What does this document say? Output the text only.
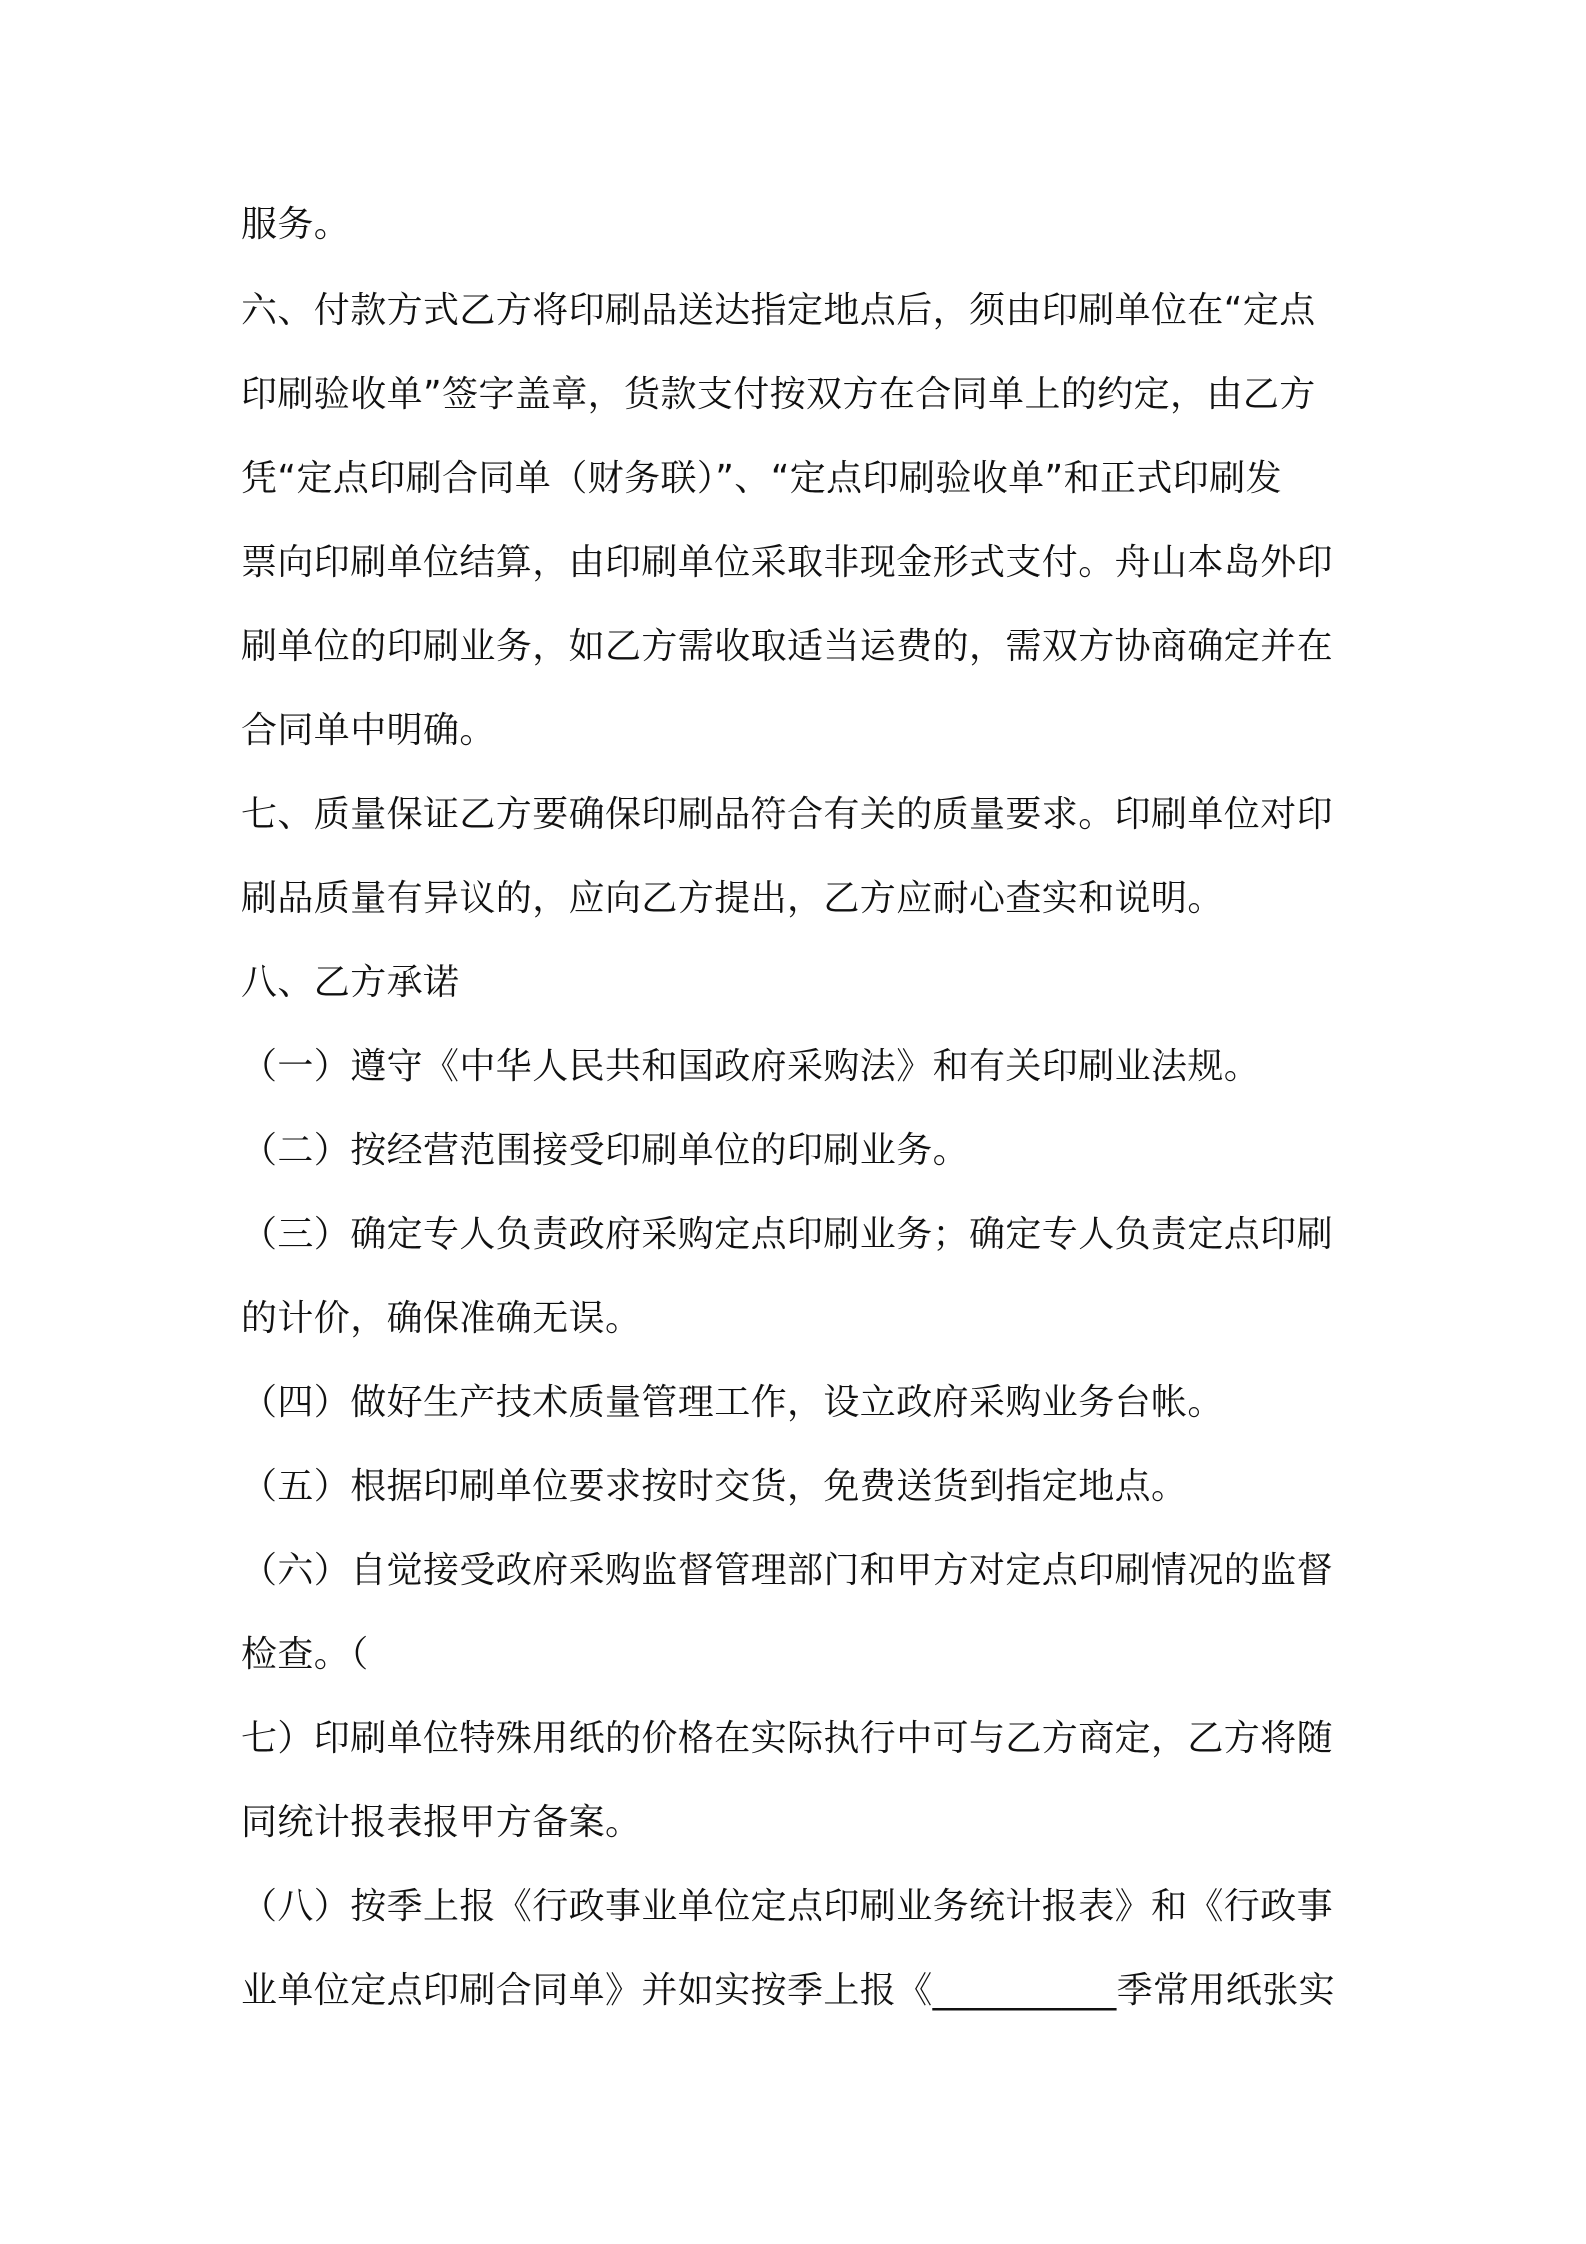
服务。
六、付款方式乙方将印刷品送达指定地点后，须由印刷单位在“定点
印刷验收单”签字盖章，货款支付按双方在合同单上的约定，由乙方
凭“定点印刷合同单（财务联）”、“定点印刷验收单”和正式印刷发
票向印刷单位结算，由印刷单位采取非现金形式支付。舟山本岛外印
刷单位的印刷业务，如乙方需收取适当运费的，需双方协商确定并在
合同单中明确。
七、质量保证乙方要确保印刷品符合有关的质量要求。印刷单位对印
刷品质量有异议的，应向乙方提出，乙方应耐心查实和说明。
八、乙方承诺
（一）遵守《中华人民共和国政府采购法》和有关印刷业法规。
（二）按经营范围接受印刷单位的印刷业务。
（三）确定专人负责政府采购定点印刷业务；确定专人负责定点印刷
的计价，确保准确无误。
（四）做好生产技术质量管理工作，设立政府采购业务台帐。
（五）根据印刷单位要求按时交货，免费送货到指定地点。
（六）自觉接受政府采购监督管理部门和甲方对定点印刷情况的监督
检查。（
七）印刷单位特殊用纸的价格在实际执行中可与乙方商定，乙方将随
同统计报表报甲方备案。
（八）按季上报《行政事业单位定点印刷业务统计报表》和《行政事
业单位定点印刷合同单》并如实按季上报《__________季常用纸张实
